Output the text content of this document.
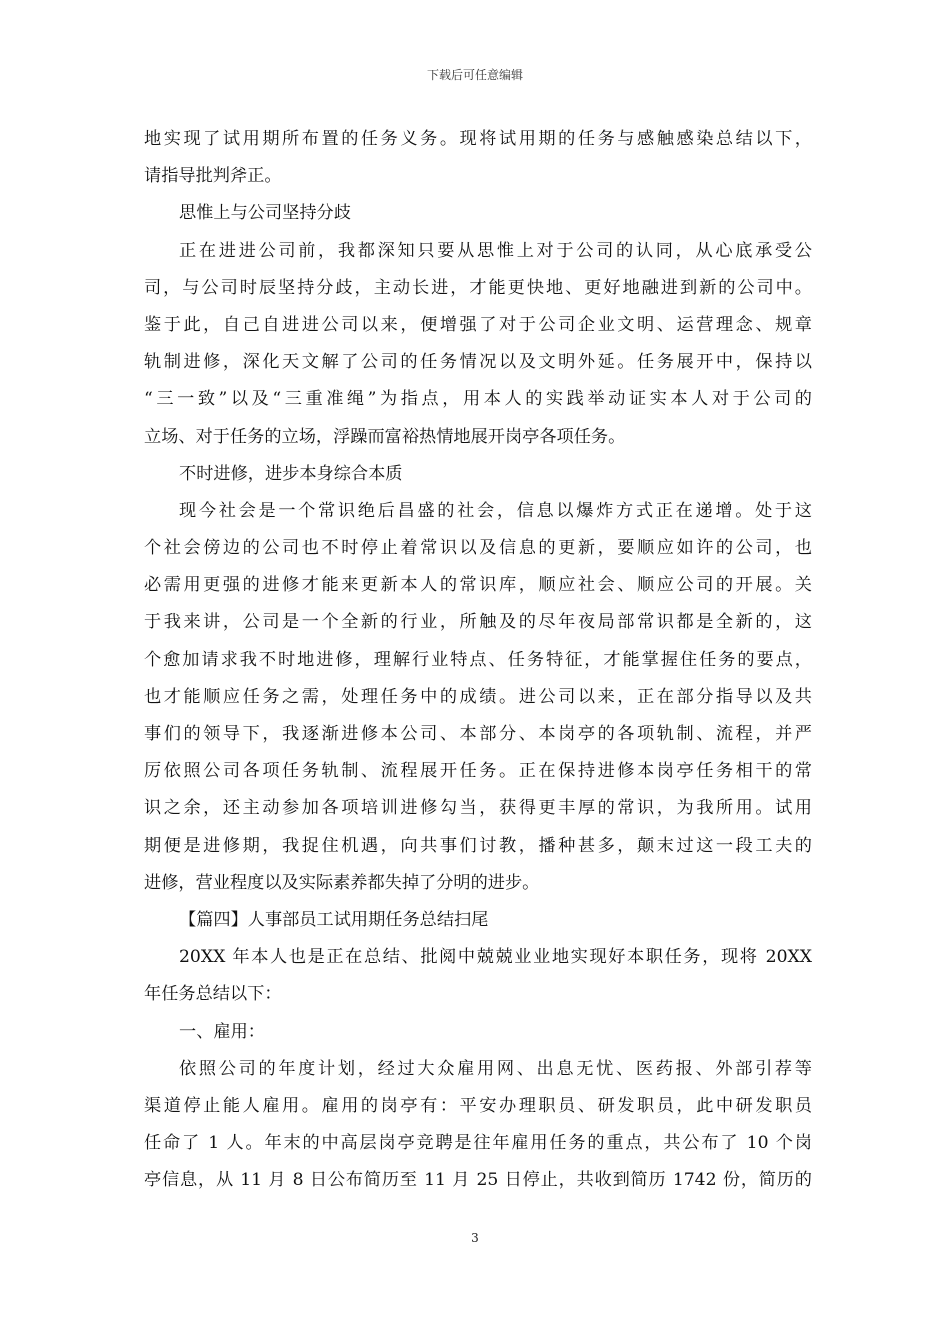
下载后可任意编辑
地实现了试用期所布置的任务义务。现将试用期的任务与感触感染总结以下，
请指导批判斧正。
思惟上与公司坚持分歧
正在进进公司前，我都深知只要从思惟上对于公司的认同，从心底承受公
司，与公司时辰坚持分歧，主动长进，才能更快地、更好地融进到新的公司中。
鉴于此，自己自进进公司以来，便增强了对于公司企业文明、运营理念、规章
轨制进修，深化天文解了公司的任务情况以及文明外延。任务展开中，保持以
“三一致”以及“三重准绳”为指点，用本人的实践举动证实本人对于公司的
立场、对于任务的立场，浮躁而富裕热情地展开岗亭各项任务。
不时进修，进步本身综合本质
现今社会是一个常识绝后昌盛的社会，信息以爆炸方式正在递增。处于这
个社会傍边的公司也不时停止着常识以及信息的更新，要顺应如许的公司，也
必需用更强的进修才能来更新本人的常识库，顺应社会、顺应公司的开展。关
于我来讲，公司是一个全新的行业，所触及的尽年夜局部常识都是全新的，这
个愈加请求我不时地进修，理解行业特点、任务特征，才能掌握住任务的要点，
也才能顺应任务之需，处理任务中的成绩。进公司以来，正在部分指导以及共
事们的领导下，我逐渐进修本公司、本部分、本岗亭的各项轨制、流程，并严
厉依照公司各项任务轨制、流程展开任务。正在保持进修本岗亭任务相干的常
识之余，还主动参加各项培训进修勾当，获得更丰厚的常识，为我所用。试用
期便是进修期，我捉住机遇，向共事们讨教，播种甚多，颠末过这一段工夫的
进修，营业程度以及实际素养都失掉了分明的进步。
【篇四】人事部员工试用期任务总结扫尾
20XX 年本人也是正在总结、批阅中兢兢业业地实现好本职任务，现将 20XX
年任务总结以下：
一、雇用：
依照公司的年度计划，经过大众雇用网、出息无忧、医药报、外部引荐等
渠道停止能人雇用。雇用的岗亭有：平安办理职员、研发职员，此中研发职员
任命了 1 人。年末的中高层岗亭竞聘是往年雇用任务的重点，共公布了 10 个岗
亭信息，从 11 月 8 日公布简历至 11 月 25 日停止，共收到简历 1742 份，简历的
3
